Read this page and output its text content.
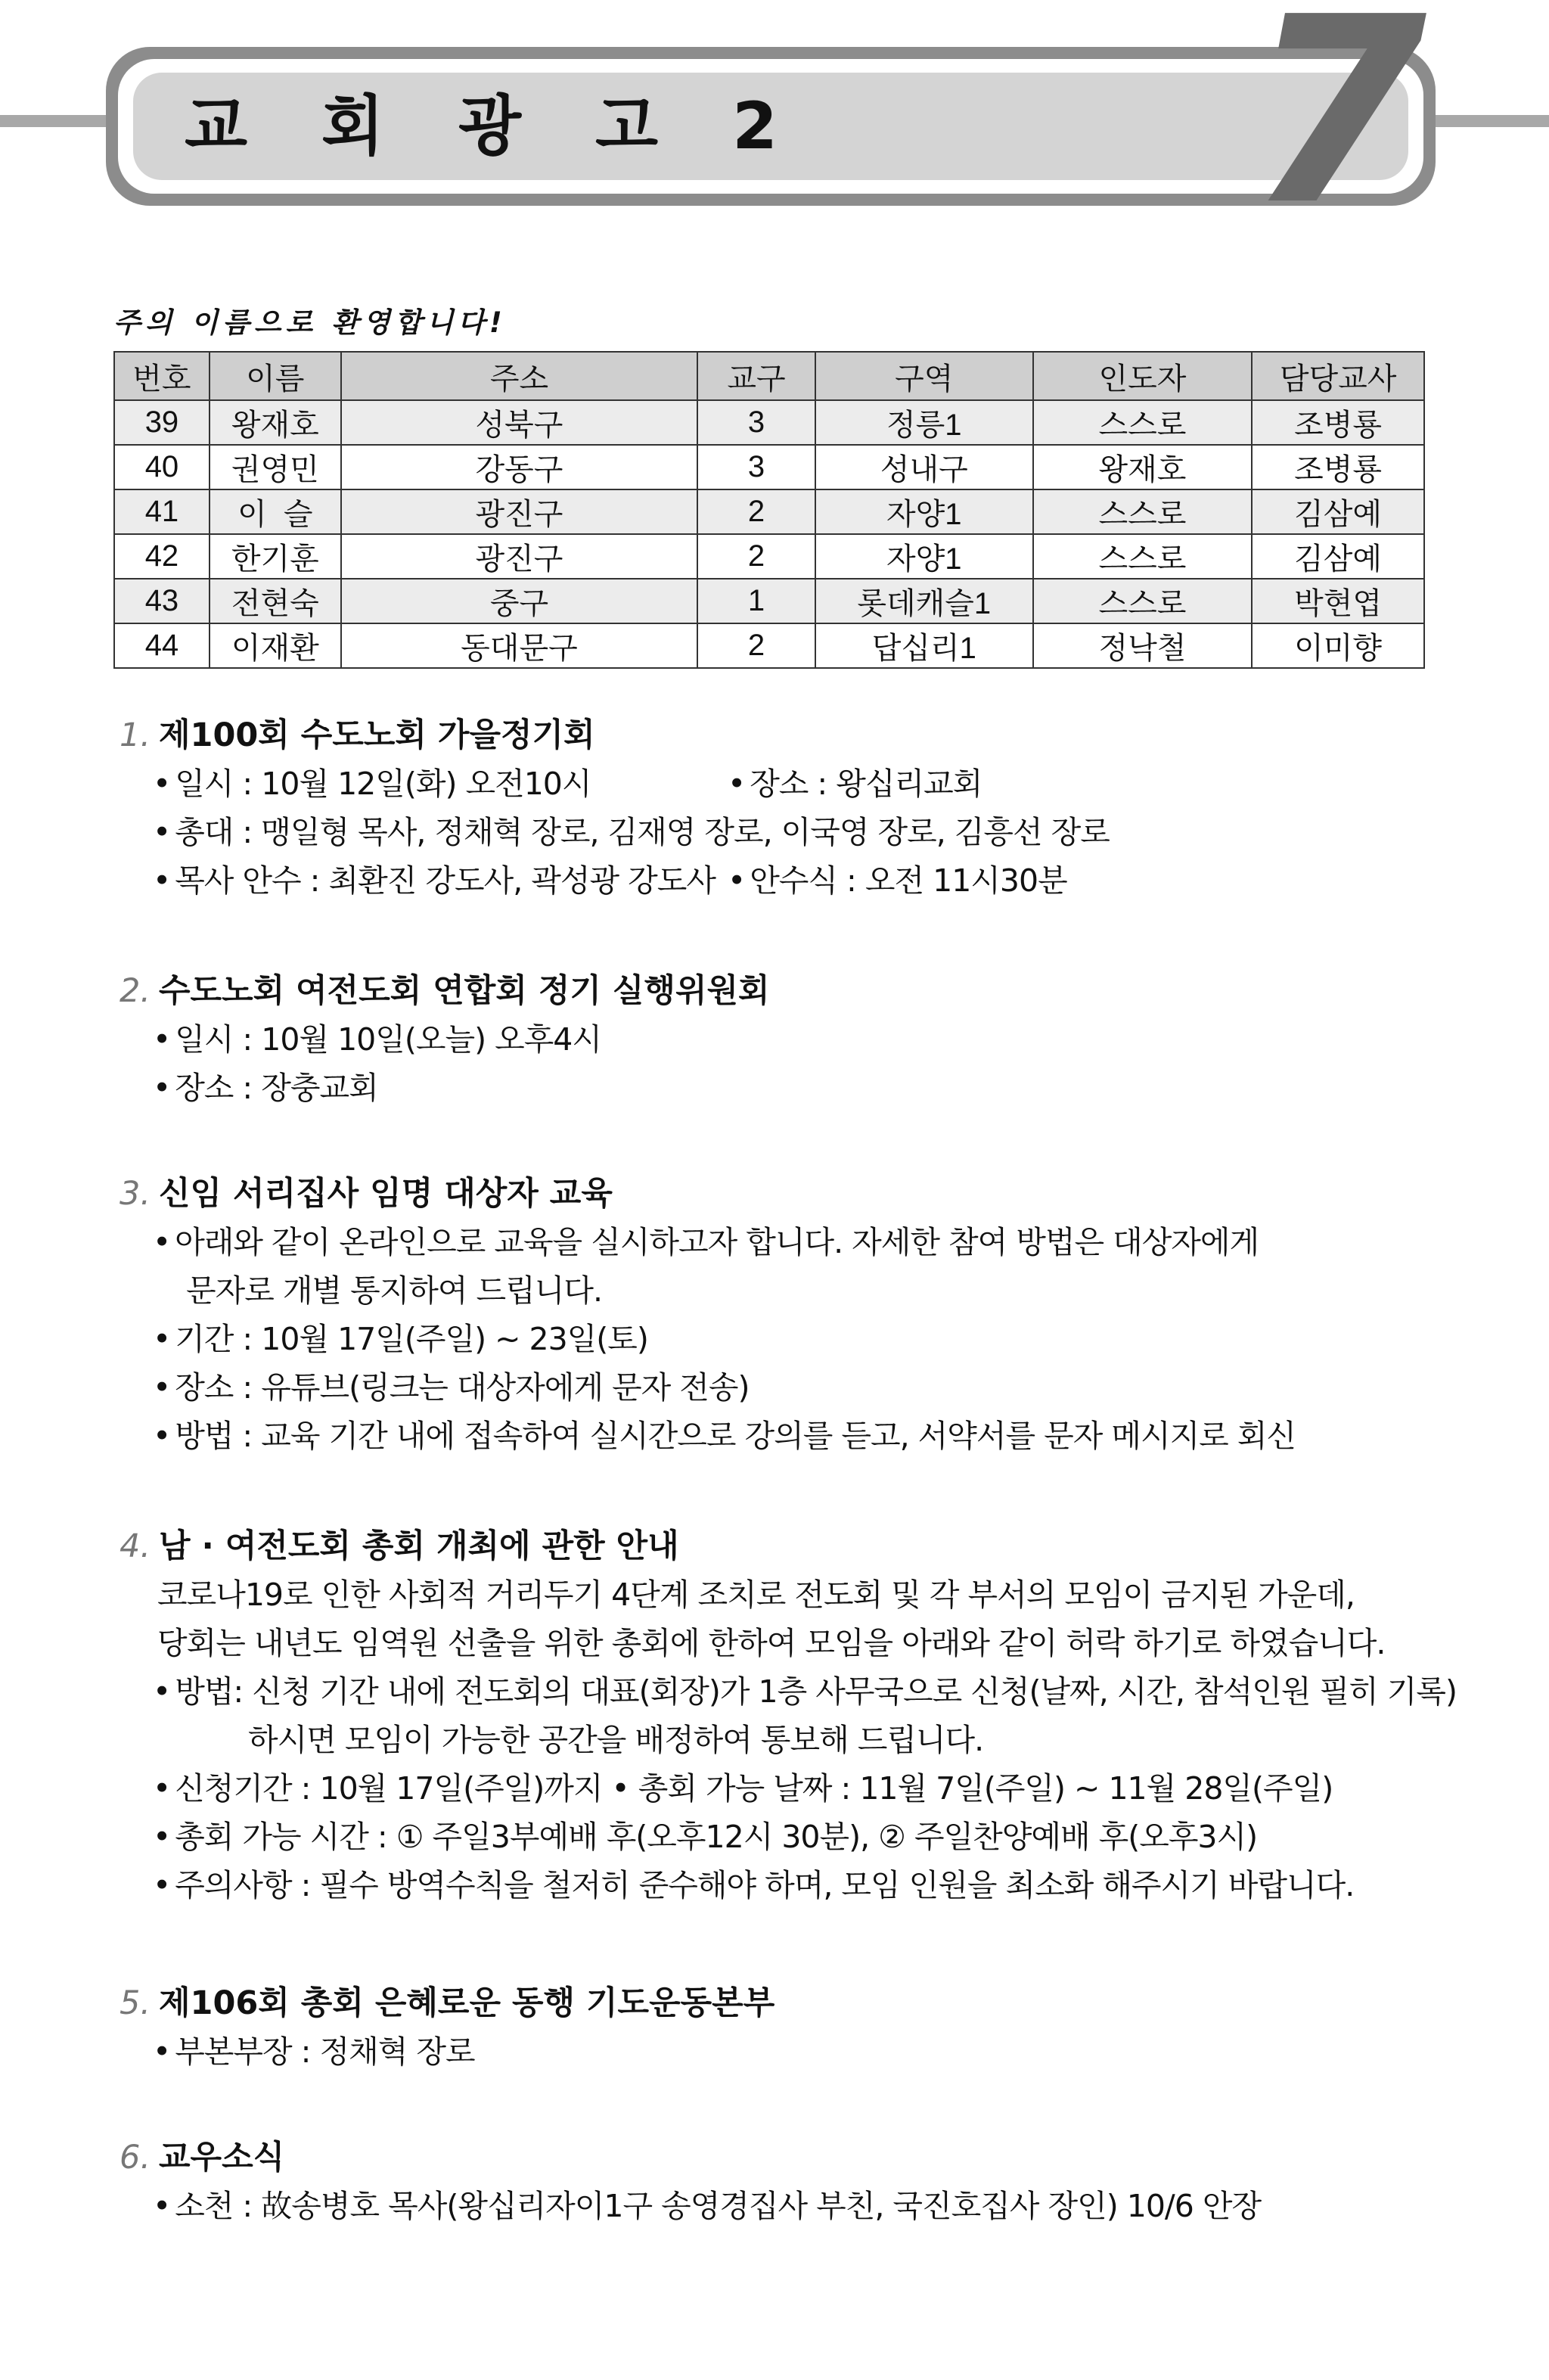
교 회 광 고 2 7
주의 이름으로 환영합니다!
번호	이름	주소	교구	구역	인도자	담당교사
39	왕재호	성북구	3	정릉1	스스로	조병룡
40	권영민	강동구	3	성내구	왕재호	조병룡
41	이  슬	광진구	2	자양1	스스로	김삼예
42	한기훈	광진구	2	자양1	스스로	김삼예
43	전현숙	중구	1	롯데캐슬1	스스로	박현엽
44	이재환	동대문구	2	답십리1	정낙철	이미향
1. 제100회 수도노회 가을정기회
• 일시 : 10월 12일(화) 오전10시	• 장소 : 왕십리교회
• 총대 : 맹일형 목사, 정채혁 장로, 김재영 장로, 이국영 장로, 김흥선 장로
• 목사 안수 : 최환진 강도사, 곽성광 강도사	• 안수식 : 오전 11시30분
2. 수도노회 여전도회 연합회 정기 실행위원회
• 일시 : 10월 10일(오늘) 오후4시
• 장소 : 장충교회
3. 신임 서리집사 임명 대상자 교육
• 아래와 같이 온라인으로 교육을 실시하고자 합니다. 자세한 참여 방법은 대상자에게
문자로 개별 통지하여 드립니다.
• 기간 : 10월 17일(주일) ~ 23일(토)
• 장소 : 유튜브(링크는 대상자에게 문자 전송)
• 방법 : 교육 기간 내에 접속하여 실시간으로 강의를 듣고, 서약서를 문자 메시지로 회신
4. 남 · 여전도회 총회 개최에 관한 안내
코로나19로 인한 사회적 거리두기 4단계 조치로 전도회 및 각 부서의 모임이 금지된 가운데,
당회는 내년도 임역원 선출을 위한 총회에 한하여 모임을 아래와 같이 허락 하기로 하였습니다.
• 방법: 신청 기간 내에 전도회의 대표(회장)가 1층 사무국으로 신청(날짜, 시간, 참석인원 필히 기록)
하시면 모임이 가능한 공간을 배정하여 통보해 드립니다.
• 신청기간 : 10월 17일(주일)까지 • 총회 가능 날짜 : 11월 7일(주일) ~ 11월 28일(주일)
• 총회 가능 시간 : ① 주일3부예배 후(오후12시 30분), ② 주일찬양예배 후(오후3시)
• 주의사항 : 필수 방역수칙을 철저히 준수해야 하며, 모임 인원을 최소화 해주시기 바랍니다.
5. 제106회 총회 은혜로운 동행 기도운동본부
• 부본부장 : 정채혁 장로
6. 교우소식
• 소천 : 故송병호 목사(왕십리자이1구 송영경집사 부친, 국진호집사 장인) 10/6 안장
